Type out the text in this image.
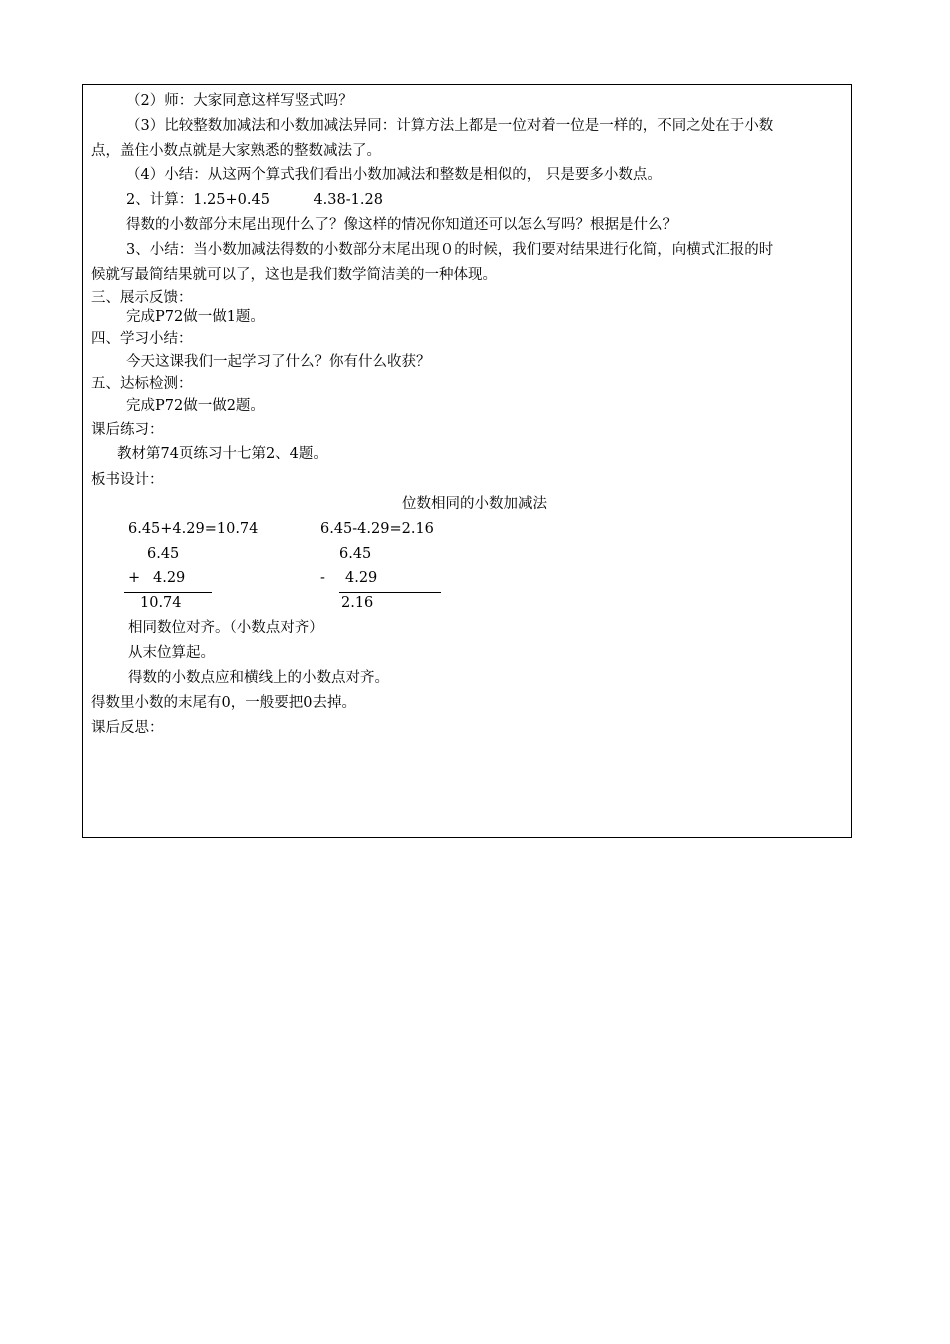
（2）师：大家同意这样写竖式吗？
（3）比较整数加减法和小数加减法异同：计算方法上都是一位对着一位是一样的，不同之处在于小数
点，盖住小数点就是大家熟悉的整数减法了。
（4）小结：从这两个算式我们看出小数加减法和整数是相似的， 只是要多小数点。
2、计算：1.25+0.45　　　4.38-1.28
得数的小数部分末尾出现什么了？像这样的情况你知道还可以怎么写吗？根据是什么？
3、小结：当小数加减法得数的小数部分末尾出现０的时候，我们要对结果进行化简，向横式汇报的时
候就写最简结果就可以了，这也是我们数学简洁美的一种体现。
三、展示反馈：
完成P72做一做1题。
四、学习小结：
今天这课我们一起学习了什么？你有什么收获？
五、达标检测：
完成P72做一做2题。
课后练习：
教材第74页练习十七第2、4题。
板书设计：
位数相同的小数加减法
6.45+4.29=10.74	6.45-4.29=2.16
6.45	6.45
+ 4.29	- 4.29
10.74	2.16
相同数位对齐。（小数点对齐）
从末位算起。
得数的小数点应和横线上的小数点对齐。
得数里小数的末尾有0，一般要把0去掉。
课后反思：
